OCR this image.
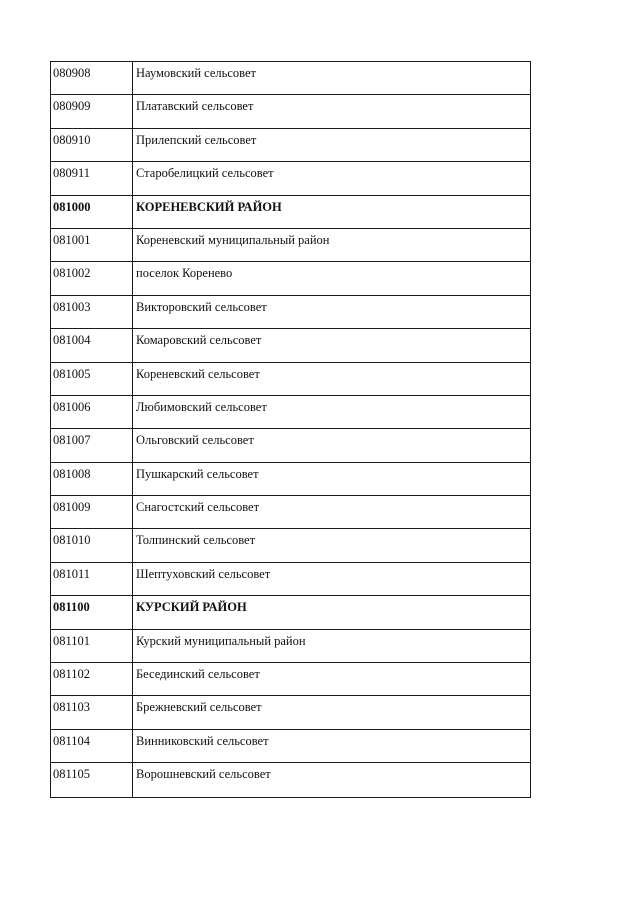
080908	Наумовский сельсовет
080909	Платавский сельсовет
080910	Прилепский сельсовет
080911	Старобелицкий сельсовет
081000	КОРЕНЕВСКИЙ РАЙОН
081001	Кореневский муниципальный район
081002	поселок Коренево
081003	Викторовский сельсовет
081004	Комаровский сельсовет
081005	Кореневский сельсовет
081006	Любимовский сельсовет
081007	Ольговский сельсовет
081008	Пушкарский сельсовет
081009	Снагостский сельсовет
081010	Толпинский сельсовет
081011	Шептуховский сельсовет
081100	КУРСКИЙ РАЙОН
081101	Курский муниципальный район
081102	Бесединский сельсовет
081103	Брежневский сельсовет
081104	Винниковский сельсовет
081105	Ворошневский сельсовет
